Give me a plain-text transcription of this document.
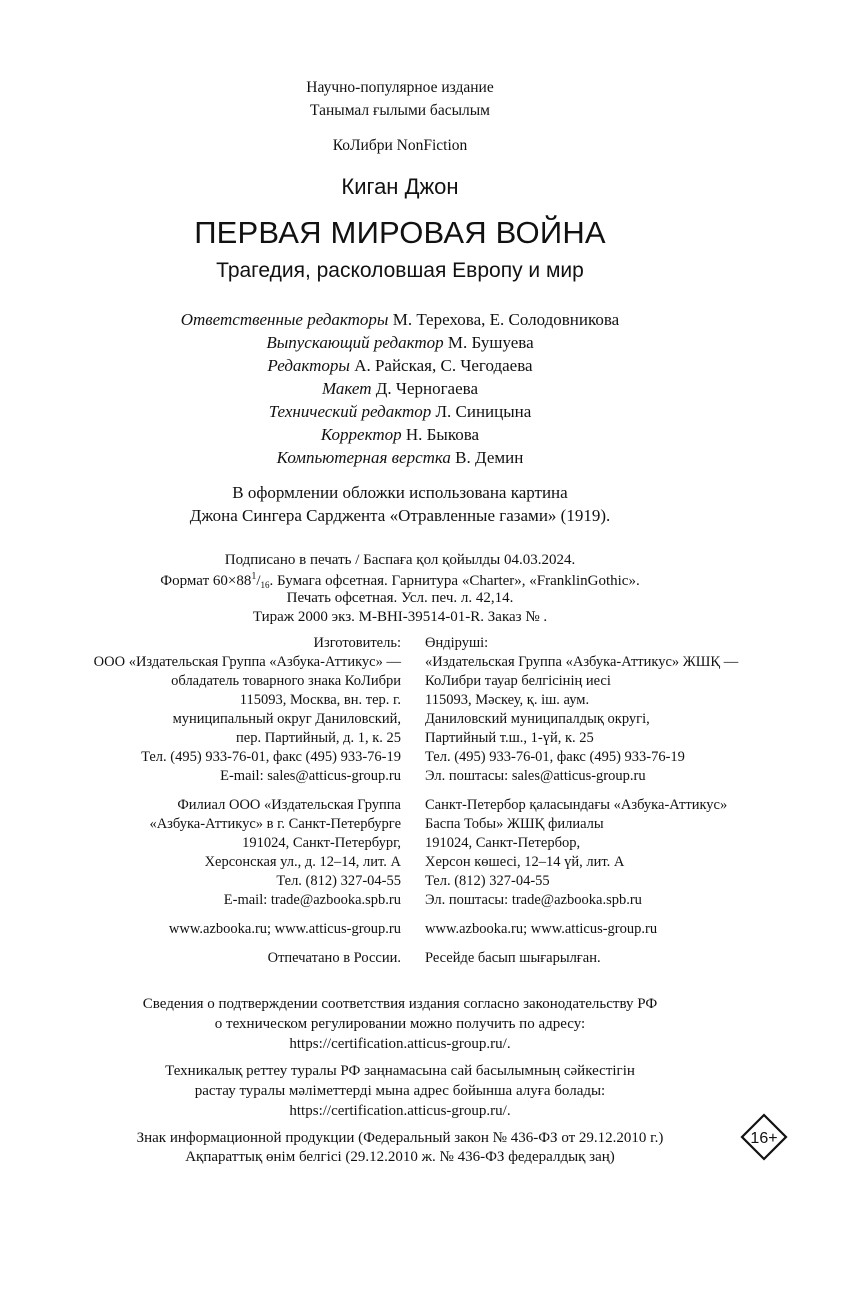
Научно-популярное издание
Танымал ғылыми басылым
КоЛибри NonFiction
Киган Джон
ПЕРВАЯ МИРОВАЯ ВОЙНА
Трагедия, расколовшая Европу и мир
Ответственные редакторы М. Терехова, Е. Солодовникова
Выпускающий редактор М. Бушуева
Редакторы А. Райская, С. Чегодаева
Макет Д. Черногаева
Технический редактор Л. Синицына
Корректор Н. Быкова
Компьютерная верстка В. Демин
В оформлении обложки использована картина
Джона Сингера Сарджента «Отравленные газами» (1919).
Подписано в печать / Баспаға қол қойылды 04.03.2024.
Формат $60\times 88^1/_{16}$. Бумага офсетная. Гарнитура «Charter», «FranklinGothic».
Печать офсетная. Усл. печ. л. 42,14.
Тираж 2000 экз. M-BHI-39514-01-R. Заказ № .
Изготовитель:
ООО «Издательская Группа «Азбука-Аттикус» —
обладатель товарного знака КоЛибри
115093, Москва, вн. тер. г.
муниципальный округ Даниловский,
пер. Партийный, д. 1, к. 25
Тел. (495) 933-76-01, факс (495) 933-76-19
E-mail: sales@atticus-group.ru
Филиал ООО «Издательская Группа
«Азбука-Аттикус» в г. Санкт-Петербурге
191024, Санкт-Петербург,
Херсонская ул., д. 12–14, лит. А
Тел. (812) 327-04-55
E-mail: trade@azbooka.spb.ru
www.azbooka.ru; www.atticus-group.ru
Отпечатано в России.
Өндіруші:
«Издательская Группа «Азбука-Аттикус» ЖШҚ —
КоЛибри тауар белгісінің иесі
115093, Мәскеу, қ. іш. аум.
Даниловский муниципалдық округі,
Партийный т.ш., 1-үй, к. 25
Тел. (495) 933-76-01, факс (495) 933-76-19
Эл. поштасы: sales@atticus-group.ru
Санкт-Петербор қаласындағы «Азбука-Аттикус»
Баспа Тобы» ЖШҚ филиалы
191024, Санкт-Петербор,
Херсон көшесі, 12–14 үй, лит. А
Тел. (812) 327-04-55
Эл. поштасы: trade@azbooka.spb.ru
www.azbooka.ru; www.atticus-group.ru
Ресейде басып шығарылған.
Сведения о подтверждении соответствия издания согласно законодательству РФ
о техническом регулировании можно получить по адресу:
https://certification.atticus-group.ru/.
Техникалық реттеу туралы РФ заңнамасына сай басылымның сәйкестігін
растау туралы мәліметтерді мына адрес бойынша алуға болады:
https://certification.atticus-group.ru/.
Знак информационной продукции (Федеральный закон № 436-ФЗ от 29.12.2010 г.)
Ақпараттық өнім белгісі (29.12.2010 ж. № 436-ФЗ федералдық заң)
16+
